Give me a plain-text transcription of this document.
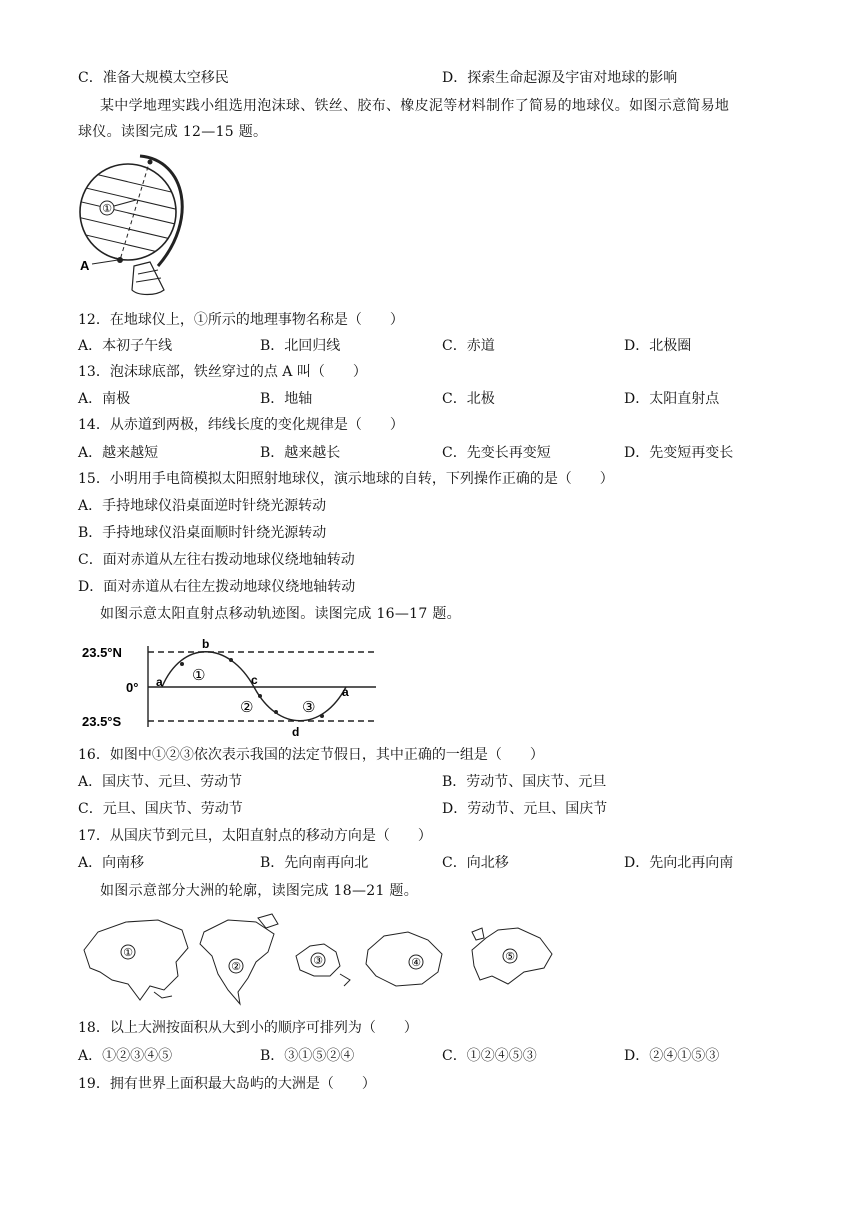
C．准备大规模太空移民	D．探索生命起源及宇宙对地球的影响
某中学地理实践小组选用泡沫球、铁丝、胶布、橡皮泥等材料制作了简易的地球仪。如图示意简易地
球仪。读图完成 12—15 题。
①
A
12．在地球仪上，①所示的地理事物名称是（　　）
A．本初子午线	B．北回归线	C．赤道	D．北极圈
13．泡沫球底部，铁丝穿过的点 A 叫（　　）
A．南极	B．地轴	C．北极	D．太阳直射点
14．从赤道到两极，纬线长度的变化规律是（　　）
A．越来越短	B．越来越长	C．先变长再变短	D．先变短再变长
15．小明用手电筒模拟太阳照射地球仪，演示地球的自转，下列操作正确的是（　　）
A．手持地球仪沿桌面逆时针绕光源转动
B．手持地球仪沿桌面顺时针绕光源转动
C．面对赤道从左往右拨动地球仪绕地轴转动
D．面对赤道从右往左拨动地球仪绕地轴转动
如图示意太阳直射点移动轨迹图。读图完成 16—17 题。
23.5°N
0°
23.5°S
a
b
c
d
a
①
②	③
16．如图中①②③依次表示我国的法定节假日，其中正确的一组是（　　）
A．国庆节、元旦、劳动节	B．劳动节、国庆节、元旦
C．元旦、国庆节、劳动节	D．劳动节、元旦、国庆节
17．从国庆节到元旦，太阳直射点的移动方向是（　　）
A．向南移	B．先向南再向北	C．向北移	D．先向北再向南
如图示意部分大洲的轮廓，读图完成 18—21 题。
①
②	③	④	⑤
18．以上大洲按面积从大到小的顺序可排列为（　　）
A．①②③④⑤	B．③①⑤②④	C．①②④⑤③	D．②④①⑤③
19．拥有世界上面积最大岛屿的大洲是（　　）
